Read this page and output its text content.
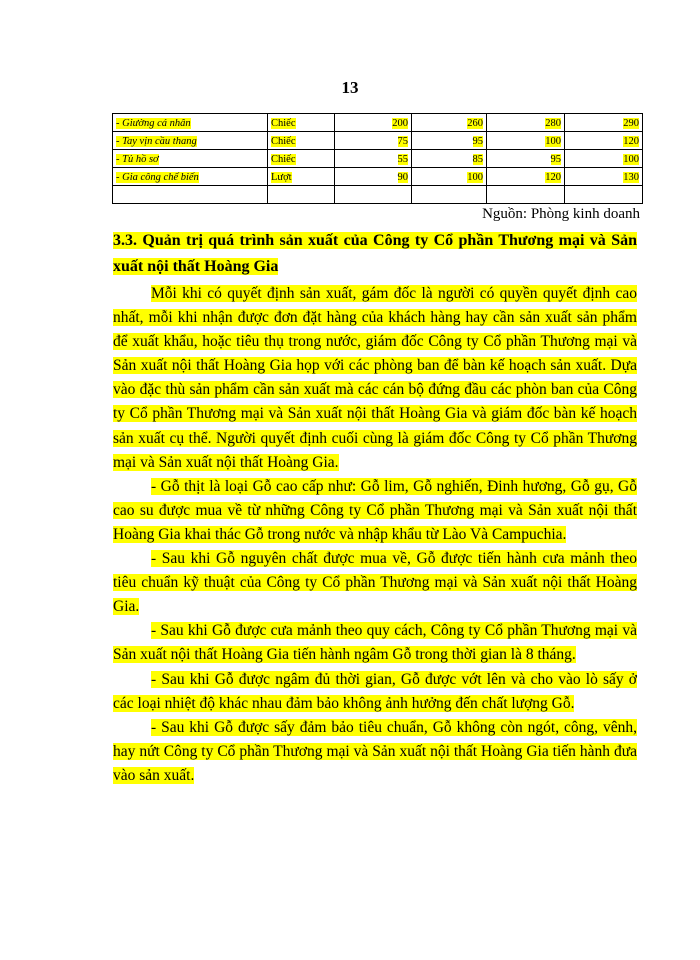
13
- Giường cá nhân	Chiếc	200	260	280	290
- Tay vịn cầu thang	Chiếc	75	95	100	120
- Tủ hồ sơ	Chiếc	55	85	95	100
- Gia công chế biến	Lượt	90	100	120	130

Nguồn: Phòng kinh doanh
3.3. Quản trị quá trình sản xuất của Công ty Cổ phần Thương mại và Sản xuất nội thất Hoàng Gia

Mỗi khi có quyết định sản xuất, gám đốc là người có quyền quyết định cao nhất, mỗi khi nhận được đơn đặt hàng của khách hàng hay cần sản xuất sản phẩm để xuất khẩu, hoặc tiêu thụ trong nước, giám đốc Công ty Cổ phần Thương mại và Sản xuất nội thất Hoàng Gia họp với các phòng ban để bàn kế hoạch sản xuất. Dựa vào đặc thù sản phẩm cần sản xuất mà các cán bộ đứng đầu các phòn ban của Công ty Cổ phần Thương mại và Sản xuất nội thất Hoàng Gia và giám đốc bàn kế hoạch sản xuất cụ thể. Người quyết định cuối cùng là giám đốc Công ty Cổ phần Thương mại và Sản xuất nội thất Hoàng Gia.

- Gỗ thịt là loại Gỗ cao cấp như: Gỗ lim, Gỗ nghiến, Đinh hương, Gỗ gụ, Gỗ cao su được mua về từ những Công ty Cổ phần Thương mại và Sản xuất nội thất Hoàng Gia khai thác Gỗ trong nước và nhập khẩu từ Lào Và Campuchia.

- Sau khi Gỗ nguyên chất được mua về, Gỗ được tiến hành cưa mảnh theo tiêu chuẩn kỹ thuật của Công ty Cổ phần Thương mại và Sản xuất nội thất Hoàng Gia.

- Sau khi Gỗ được cưa mảnh theo quy cách, Công ty Cổ phần Thương mại và Sản xuất nội thất Hoàng Gia tiến hành ngâm Gỗ trong thời gian là 8 tháng.

- Sau khi Gỗ được ngâm đủ thời gian, Gỗ được vớt lên và cho vào lò sấy ở các loại nhiệt độ khác nhau đảm bảo không ảnh hưởng đến chất lượng Gỗ.

- Sau khi Gỗ được sấy đảm bảo tiêu chuẩn, Gỗ không còn ngót, công, vênh, hay nứt Công ty Cổ phần Thương mại và Sản xuất nội thất Hoàng Gia tiến hành đưa vào sản xuất.
